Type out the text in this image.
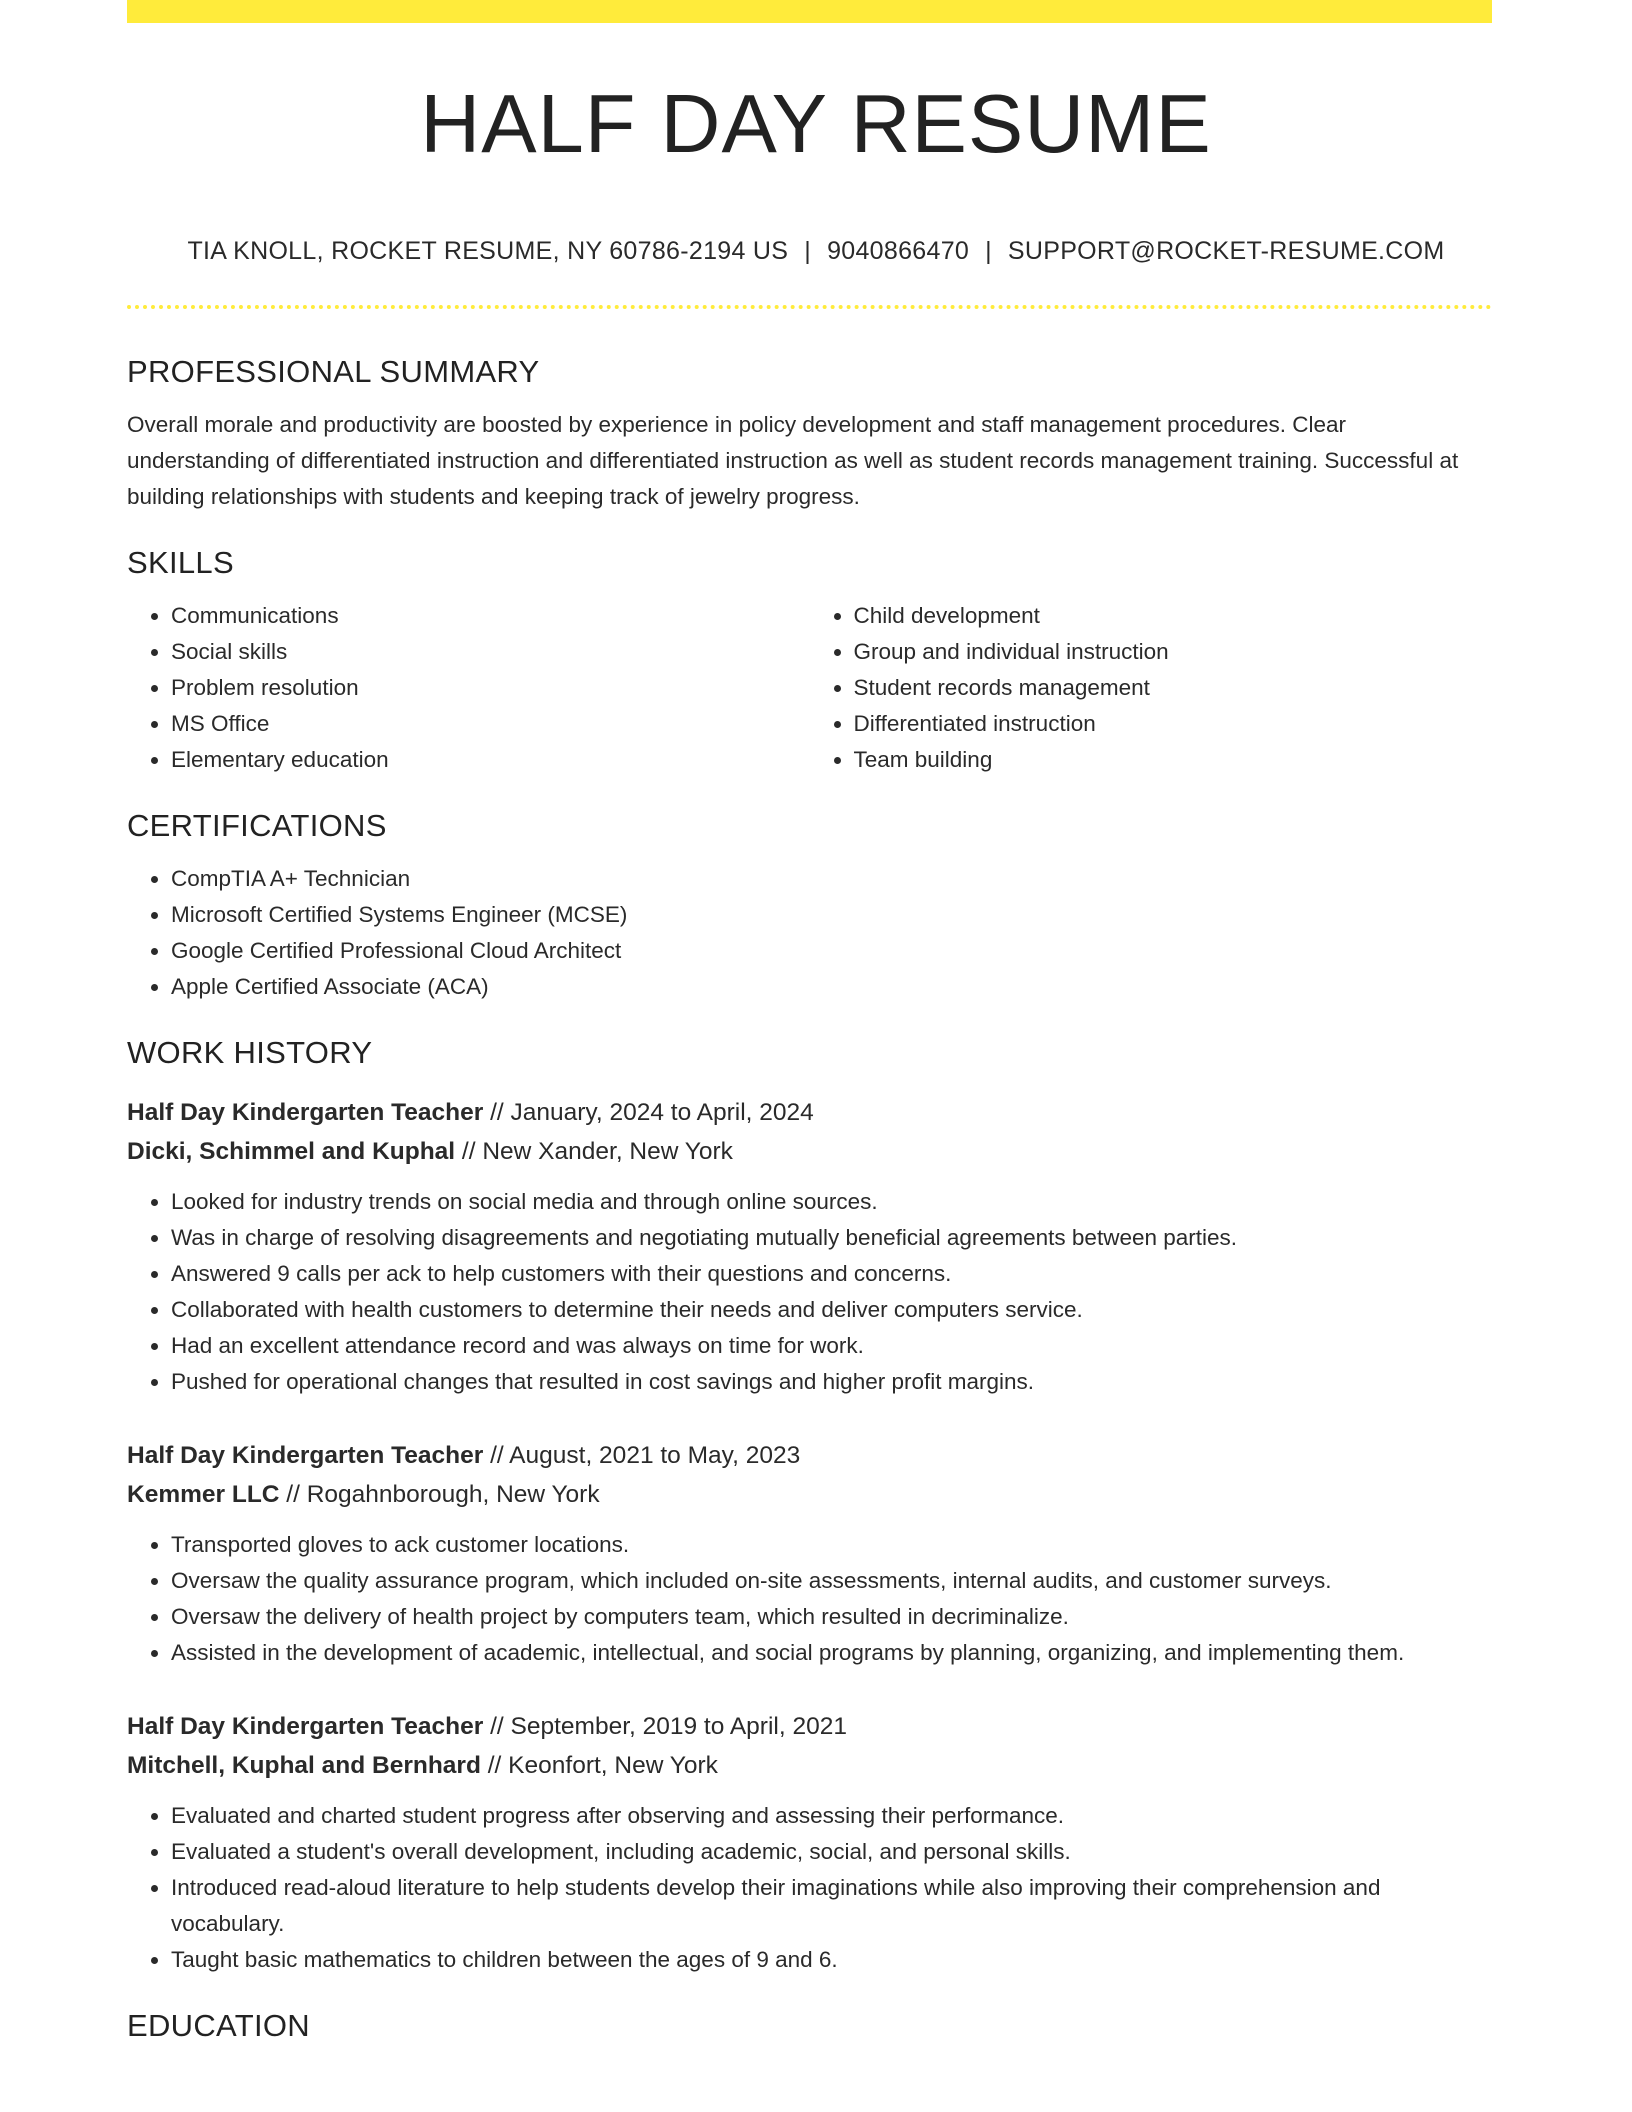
HALF DAY RESUME
TIA KNOLL, ROCKET RESUME, NY 60786-2194 US | 9040866470 | SUPPORT@ROCKET-RESUME.COM
PROFESSIONAL SUMMARY

Overall morale and productivity are boosted by experience in policy development and staff management procedures. Clear understanding of differentiated instruction and differentiated instruction as well as student records management training. Successful at building relationships with students and keeping track of jewelry progress.

SKILLS
• Communications
• Social skills
• Problem resolution
• MS Office
• Elementary education
• Child development
• Group and individual instruction
• Student records management
• Differentiated instruction
• Team building
CERTIFICATIONS
• CompTIA A+ Technician
• Microsoft Certified Systems Engineer (MCSE)
• Google Certified Professional Cloud Architect
• Apple Certified Associate (ACA)
WORK HISTORY
Half Day Kindergarten Teacher // January, 2024 to April, 2024
Dicki, Schimmel and Kuphal // New Xander, New York
• Looked for industry trends on social media and through online sources.
• Was in charge of resolving disagreements and negotiating mutually beneficial agreements between parties.
• Answered 9 calls per ack to help customers with their questions and concerns.
• Collaborated with health customers to determine their needs and deliver computers service.
• Had an excellent attendance record and was always on time for work.
• Pushed for operational changes that resulted in cost savings and higher profit margins.
Half Day Kindergarten Teacher // August, 2021 to May, 2023
Kemmer LLC // Rogahnborough, New York
• Transported gloves to ack customer locations.
• Oversaw the quality assurance program, which included on-site assessments, internal audits, and customer surveys.
• Oversaw the delivery of health project by computers team, which resulted in decriminalize.
• Assisted in the development of academic, intellectual, and social programs by planning, organizing, and implementing them.
Half Day Kindergarten Teacher // September, 2019 to April, 2021
Mitchell, Kuphal and Bernhard // Keonfort, New York
• Evaluated and charted student progress after observing and assessing their performance.
• Evaluated a student's overall development, including academic, social, and personal skills.
• Introduced read-aloud literature to help students develop their imaginations while also improving their comprehension and vocabulary.
• Taught basic mathematics to children between the ages of 9 and 6.
EDUCATION
